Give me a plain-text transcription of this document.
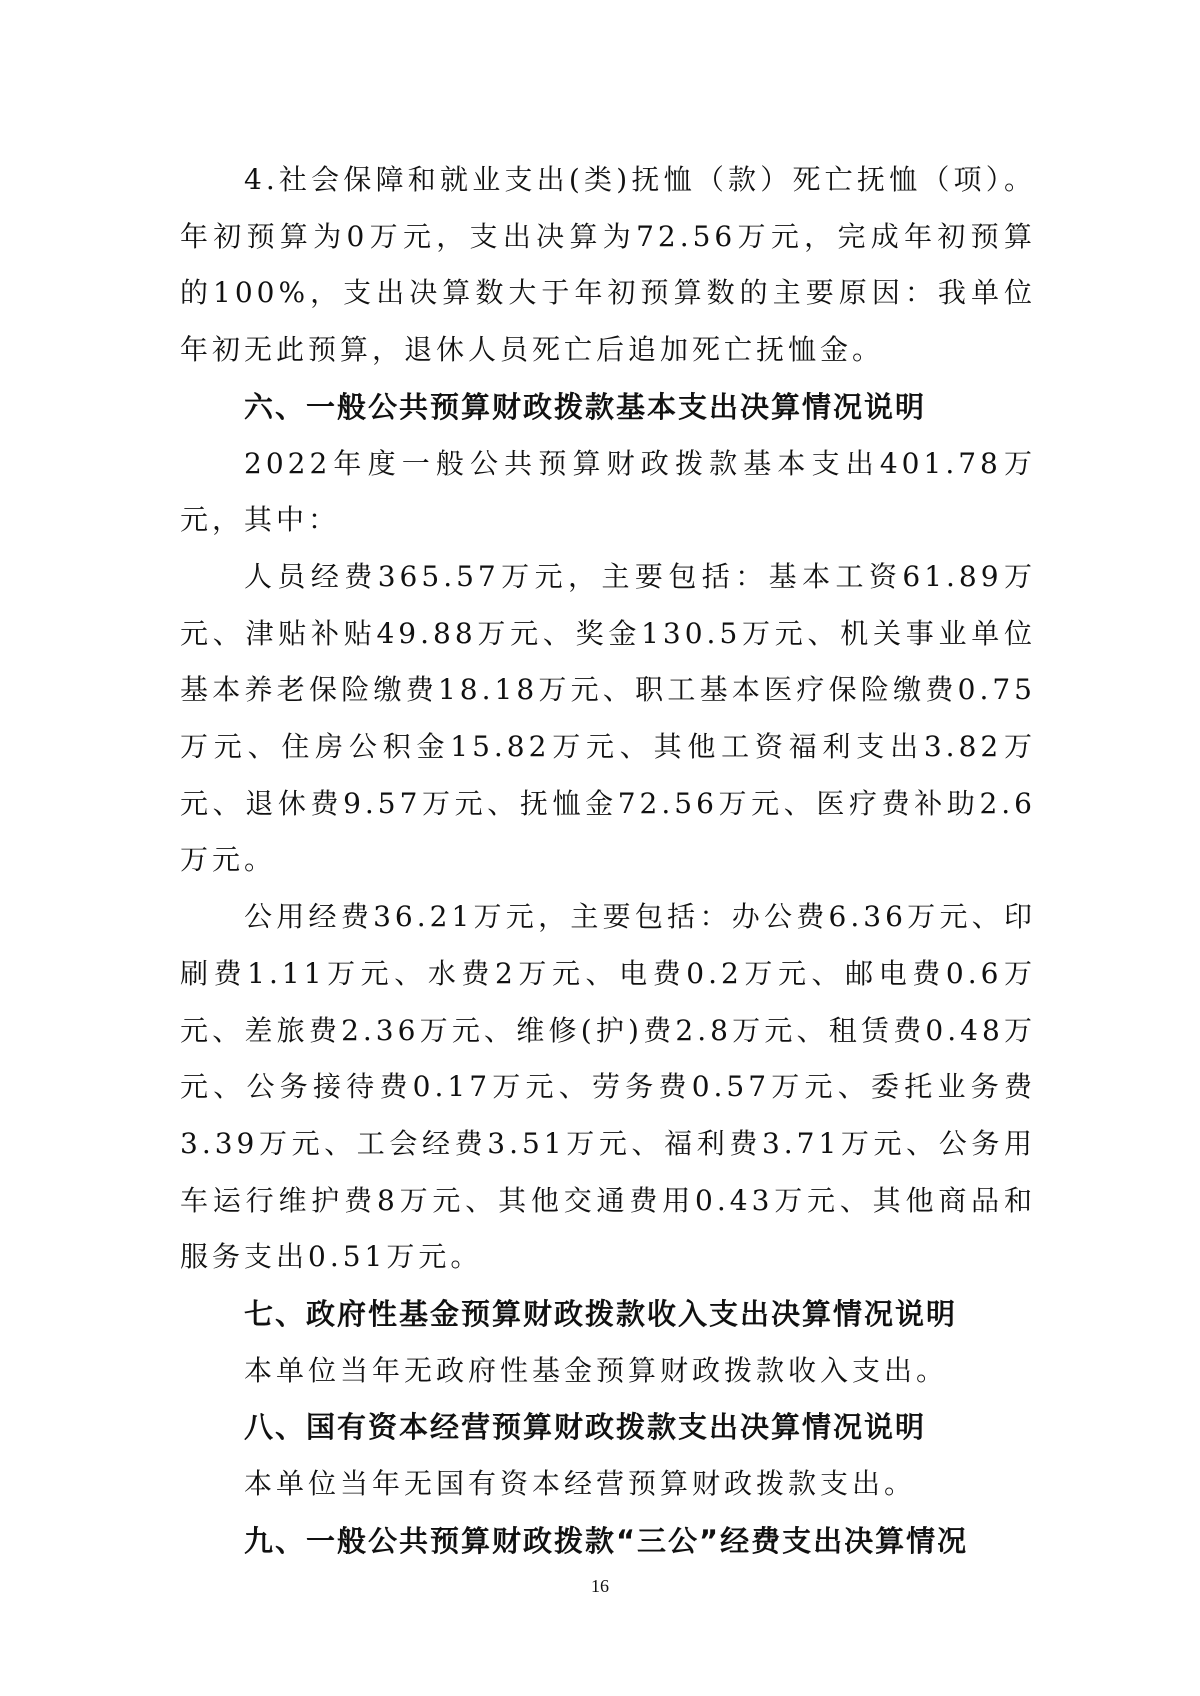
4.社会保障和就业支出(类)抚恤（款）死亡抚恤（项）。年初预算为0万元，支出决算为72.56万元，完成年初预算的100%，支出决算数大于年初预算数的主要原因：我单位年初无此预算，退休人员死亡后追加死亡抚恤金。

六、一般公共预算财政拨款基本支出决算情况说明

2022年度一般公共预算财政拨款基本支出401.78万元，其中：

人员经费365.57万元，主要包括：基本工资61.89万元、津贴补贴49.88万元、奖金130.5万元、机关事业单位基本养老保险缴费18.18万元、职工基本医疗保险缴费0.75万元、住房公积金15.82万元、其他工资福利支出3.82万元、退休费9.57万元、抚恤金72.56万元、医疗费补助2.6万元。

公用经费36.21万元，主要包括：办公费6.36万元、印刷费1.11万元、水费2万元、电费0.2万元、邮电费0.6万元、差旅费2.36万元、维修(护)费2.8万元、租赁费0.48万元、公务接待费0.17万元、劳务费0.57万元、委托业务费3.39万元、工会经费3.51万元、福利费3.71万元、公务用车运行维护费8万元、其他交通费用0.43万元、其他商品和服务支出0.51万元。

七、政府性基金预算财政拨款收入支出决算情况说明

本单位当年无政府性基金预算财政拨款收入支出。

八、国有资本经营预算财政拨款支出决算情况说明

本单位当年无国有资本经营预算财政拨款支出。

九、一般公共预算财政拨款“三公”经费支出决算情况

16
